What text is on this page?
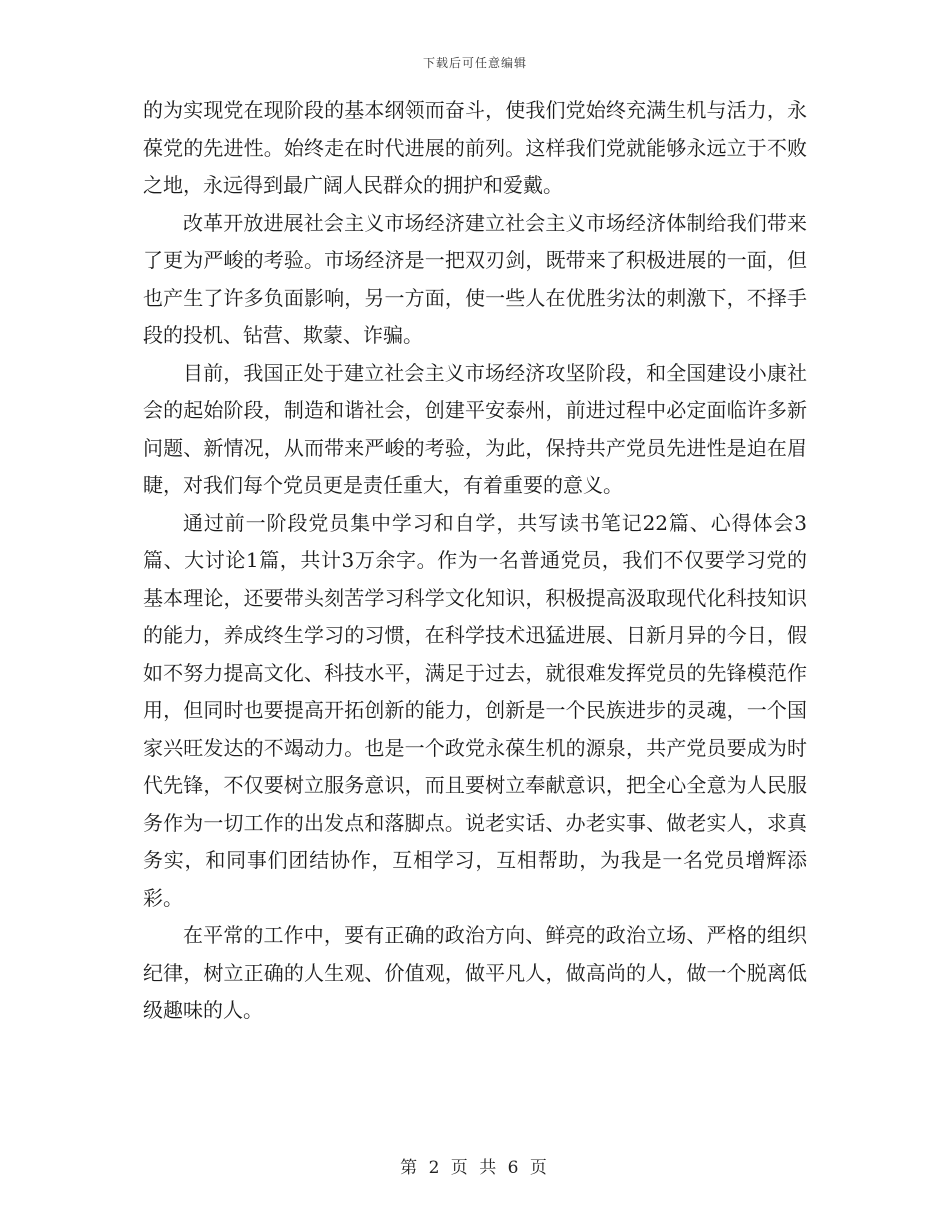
下载后可任意编辑

的为实现党在现阶段的基本纲领而奋斗，使我们党始终充满生机与活力，永葆党的先进性。始终走在时代进展的前列。这样我们党就能够永远立于不败之地，永远得到最广阔人民群众的拥护和爱戴。

改革开放进展社会主义市场经济建立社会主义市场经济体制给我们带来了更为严峻的考验。市场经济是一把双刃剑，既带来了积极进展的一面，但也产生了许多负面影响，另一方面，使一些人在优胜劣汰的刺激下，不择手段的投机、钻营、欺蒙、诈骗。

目前，我国正处于建立社会主义市场经济攻坚阶段，和全国建设小康社会的起始阶段，制造和谐社会，创建平安泰州，前进过程中必定面临许多新问题、新情况，从而带来严峻的考验，为此，保持共产党员先进性是迫在眉睫，对我们每个党员更是责任重大，有着重要的意义。

通过前一阶段党员集中学习和自学，共写读书笔记22篇、心得体会3篇、大讨论1篇，共计3万余字。作为一名普通党员，我们不仅要学习党的基本理论，还要带头刻苦学习科学文化知识，积极提高汲取现代化科技知识的能力，养成终生学习的习惯，在科学技术迅猛进展、日新月异的今日，假如不努力提高文化、科技水平，满足于过去，就很难发挥党员的先锋模范作用，但同时也要提高开拓创新的能力，创新是一个民族进步的灵魂，一个国家兴旺发达的不竭动力。也是一个政党永葆生机的源泉，共产党员要成为时代先锋，不仅要树立服务意识，而且要树立奉献意识，把全心全意为人民服务作为一切工作的出发点和落脚点。说老实话、办老实事、做老实人，求真务实，和同事们团结协作，互相学习，互相帮助，为我是一名党员增辉添彩。

在平常的工作中，要有正确的政治方向、鲜亮的政治立场、严格的组织纪律，树立正确的人生观、价值观，做平凡人，做高尚的人，做一个脱离低级趣味的人。

第 2 页 共 6 页
